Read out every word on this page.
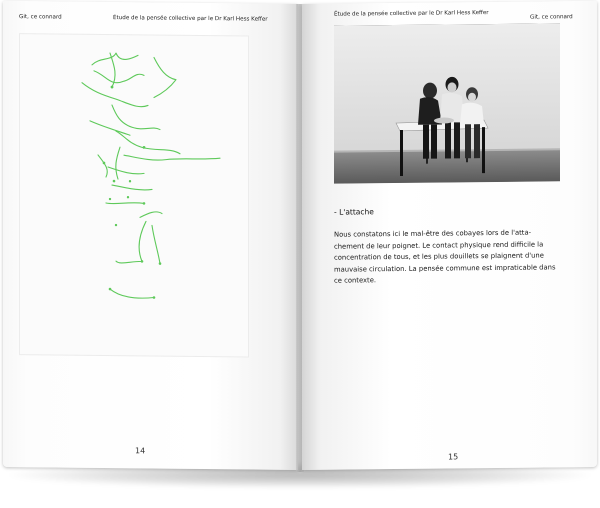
Git, ce connard	Étude de la pensée collective par le Dr Karl Hess Keffer
14
Étude de la pensée collective par le Dr Karl Hess Keffer	Git, ce connard
- L'attache
Nous constatons ici le mal-être des cobayes lors de l'atta-
chement de leur poignet. Le contact physique rend difficile la
concentration de tous, et les plus douillets se plaignent d'une
mauvaise circulation. La pensée commune est impraticable dans
ce contexte.
15
